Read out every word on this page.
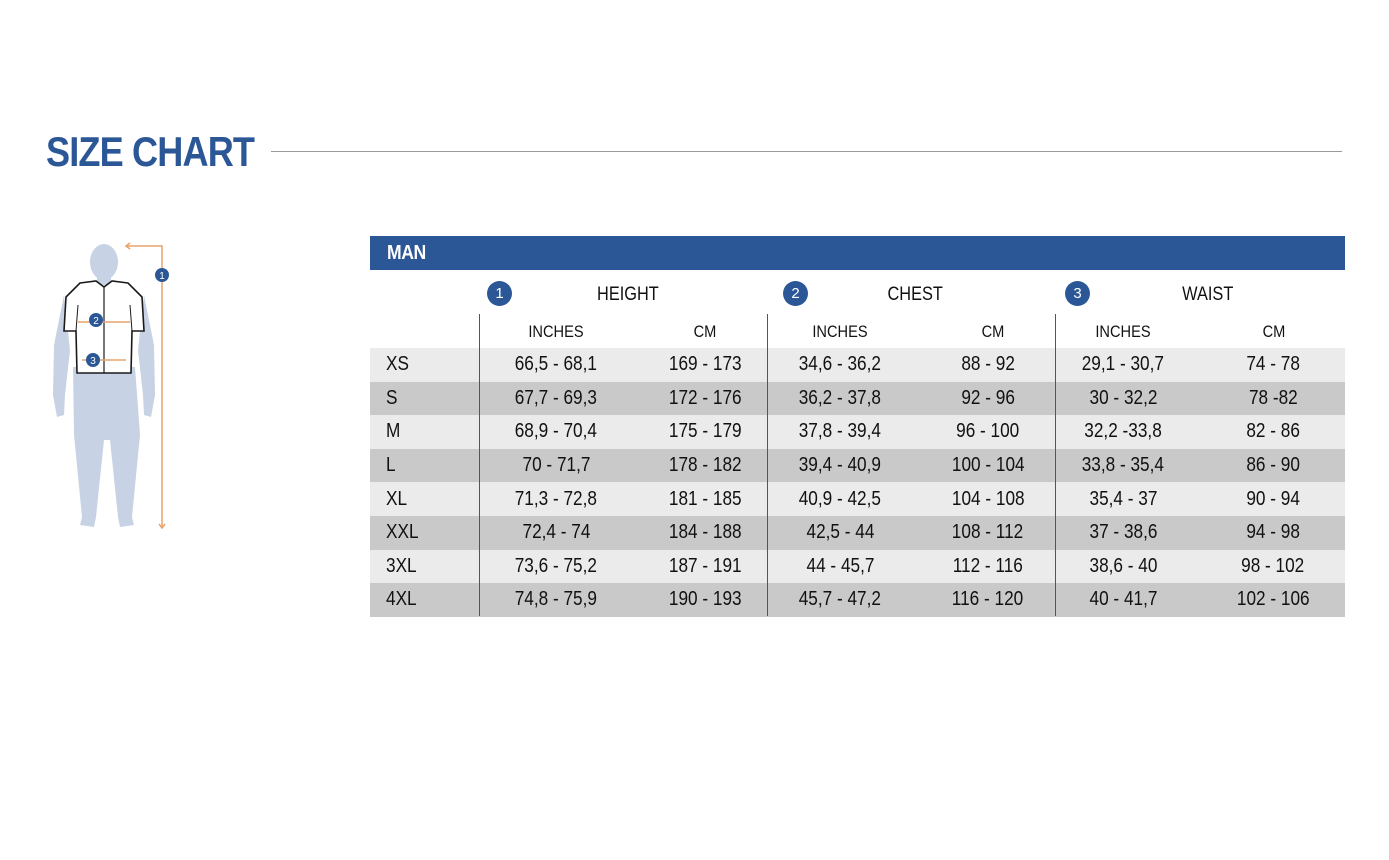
SIZE CHART
1
2
3
MAN
1	HEIGHT	2	CHEST	3	WAIST
INCHES	CM	INCHES	CM	INCHES	CM
XS	66,5 - 68,1	169 - 173	34,6 - 36,2	88 - 92	29,1 - 30,7	74 - 78
S	67,7 - 69,3	172 - 176	36,2 - 37,8	92 - 96	30 - 32,2	78 -82
M	68,9 - 70,4	175 - 179	37,8 - 39,4	96 - 100	32,2 -33,8	82 - 86
L	70 - 71,7	178 - 182	39,4 - 40,9	100 - 104	33,8 - 35,4	86 - 90
XL	71,3 - 72,8	181 - 185	40,9 - 42,5	104 - 108	35,4 - 37	90 - 94
XXL	72,4 - 74	184 - 188	42,5 - 44	108 - 112	37 - 38,6	94 - 98
3XL	73,6 - 75,2	187 - 191	44 - 45,7	112 - 116	38,6 - 40	98 - 102
4XL	74,8 - 75,9	190 - 193	45,7 - 47,2	116 - 120	40 - 41,7	102 - 106
